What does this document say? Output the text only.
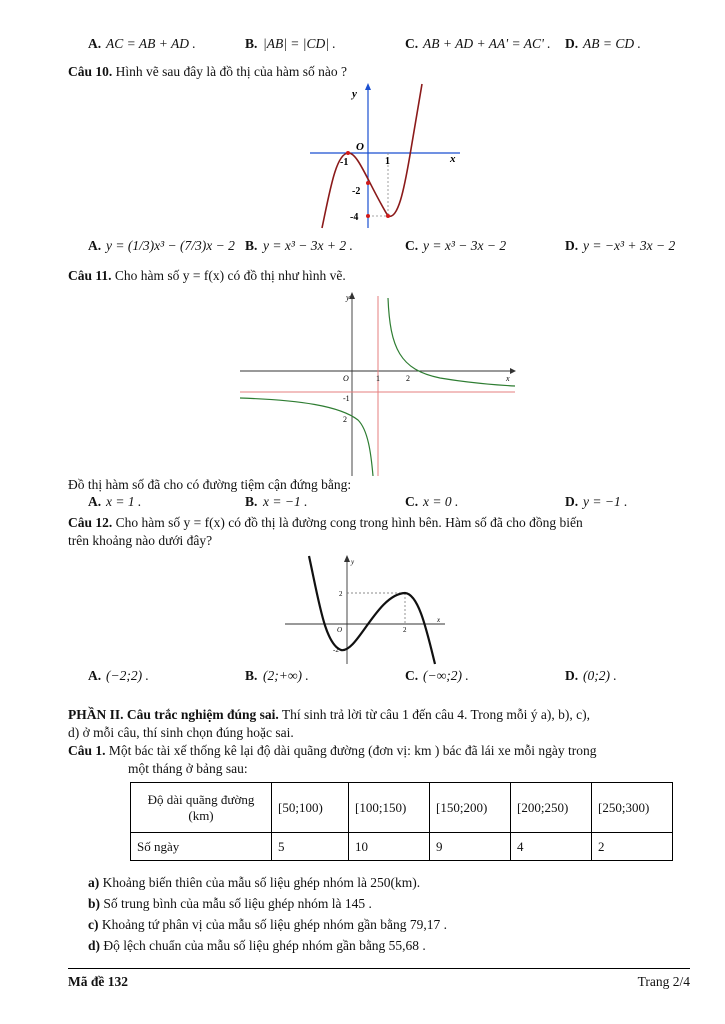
A. AC = AB + AD .	B. |AB| = |CD| .	C. AB + AD + AA' = AC' . D. AB = CD .
Câu 10. Hình vẽ sau đây là đồ thị của hàm số nào ?
y
x
O
-1	1
-2
-4
A. y = (1/3)x³ − (7/3)x − 2 B. y = x³ − 3x + 2 .	C. y = x³ − 3x − 2	D. y = −x³ + 3x − 2
Câu 11. Cho hàm số y = f(x) có đồ thị như hình vẽ.
y
x
O	1	2
-1
2
Đồ thị hàm số đã cho có đường tiệm cận đứng bằng:
A. x = 1 .	B. x = −1 .	C. x = 0 .	D. y = −1 .
Câu 12. Cho hàm số y = f(x) có đồ thị là đường cong trong hình bên. Hàm số đã cho đồng biến
trên khoảng nào dưới đây?
y
x
O
2
2
-2
A. (−2;2) .	B. (2;+∞) .	C. (−∞;2) .	D. (0;2) .
PHẦN II. Câu trắc nghiệm đúng sai. Thí sinh trả lời từ câu 1 đến câu 4. Trong mỗi ý a), b), c),
d) ở mỗi câu, thí sinh chọn đúng hoặc sai.
Câu 1. Một bác tài xế thống kê lại độ dài quãng đường (đơn vị: km ) bác đã lái xe mỗi ngày trong
một tháng ở bảng sau:
Độ dài quãng đường
(km)	[50;100)	[100;150)	[150;200)	[200;250)	[250;300)
Số ngày	5	10	9	4	2
a) Khoảng biến thiên của mẫu số liệu ghép nhóm là 250(km).
b) Số trung bình của mẫu số liệu ghép nhóm là 145 .
c) Khoảng tứ phân vị của mẫu số liệu ghép nhóm gần bằng 79,17 .
d) Độ lệch chuẩn của mẫu số liệu ghép nhóm gần bằng 55,68 .
Mã đề 132	Trang 2/4
